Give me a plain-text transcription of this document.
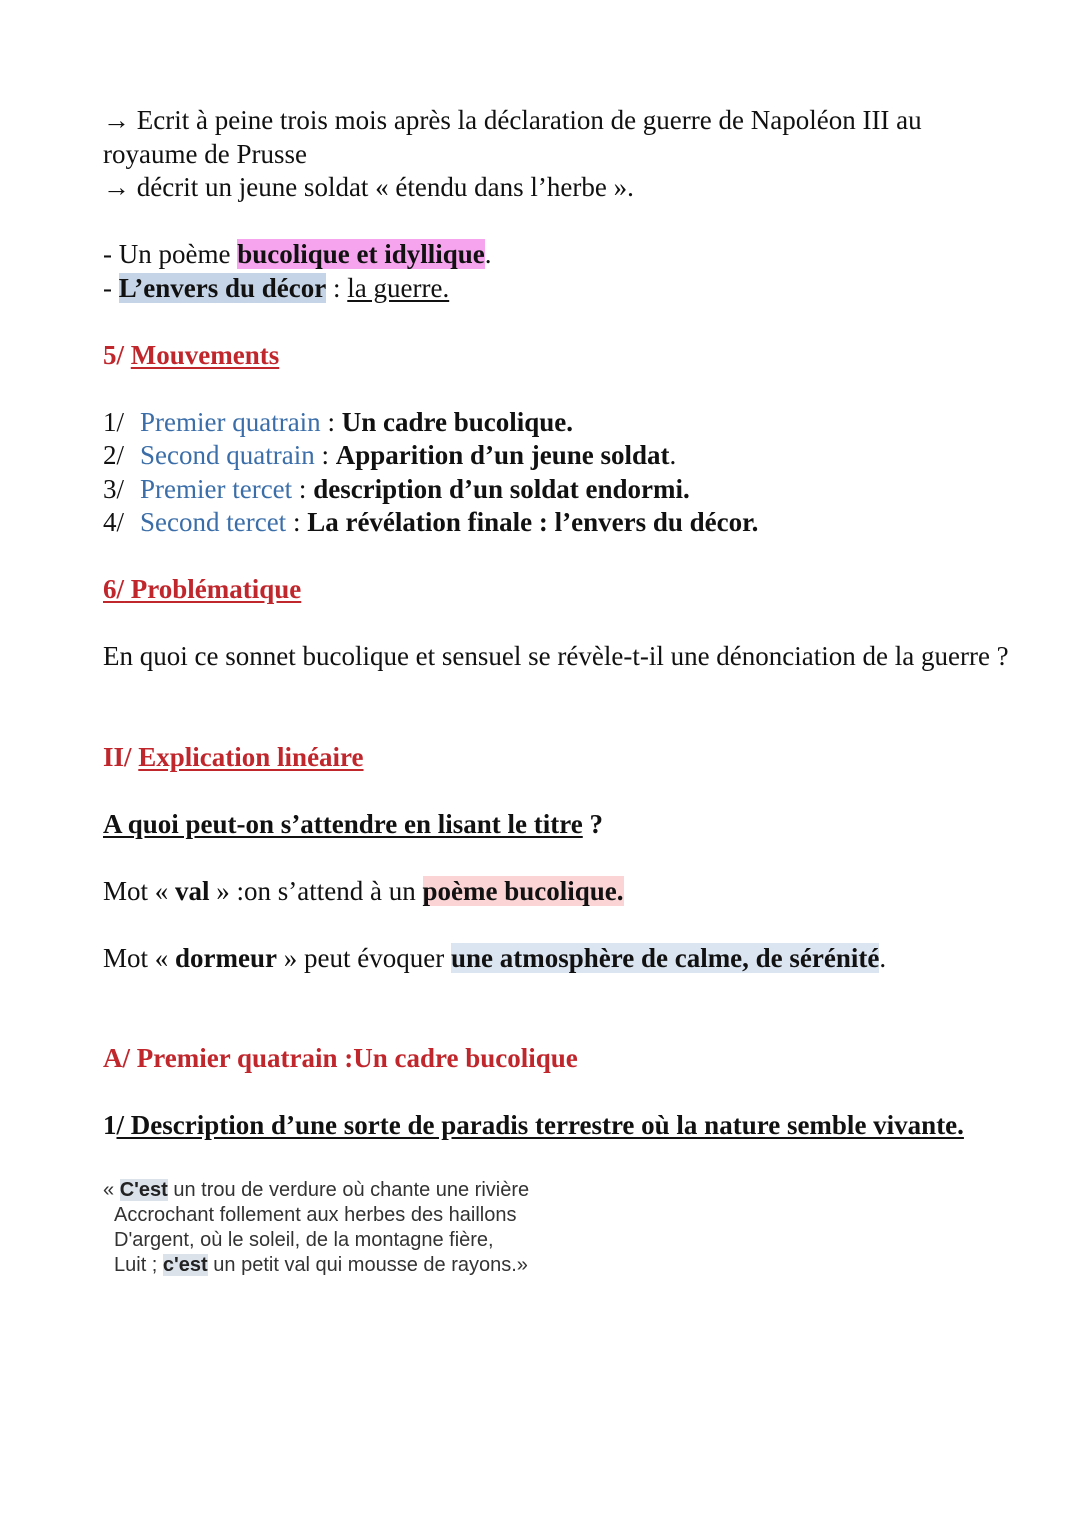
→ Ecrit à peine trois mois après la déclaration de guerre de Napoléon III au royaume de Prusse

→ décrit un jeune soldat « étendu dans l’herbe ».

- Un poème bucolique et idyllique.

- L’envers du décor : la guerre.

5/ Mouvements

1/ Premier quatrain : Un cadre bucolique.

2/ Second quatrain : Apparition d’un jeune soldat.

3/ Premier tercet : description d’un soldat endormi.

4/ Second tercet : La révélation finale : l’envers du décor.

6/ Problématique

En quoi ce sonnet bucolique et sensuel se révèle-t-il une dénonciation de la guerre ?

II/ Explication linéaire

A quoi peut-on s’attendre en lisant le titre ?

Mot « val » :on s’attend à un poème bucolique.

Mot « dormeur » peut évoquer une atmosphère de calme, de sérénité.

A/ Premier quatrain :Un cadre bucolique

1/ Description d’une sorte de paradis terrestre où la nature semble vivante.

« C'est un trou de verdure où chante une rivière

Accrochant follement aux herbes des haillons

D'argent, où le soleil, de la montagne fière,

Luit ; c'est un petit val qui mousse de rayons.»
